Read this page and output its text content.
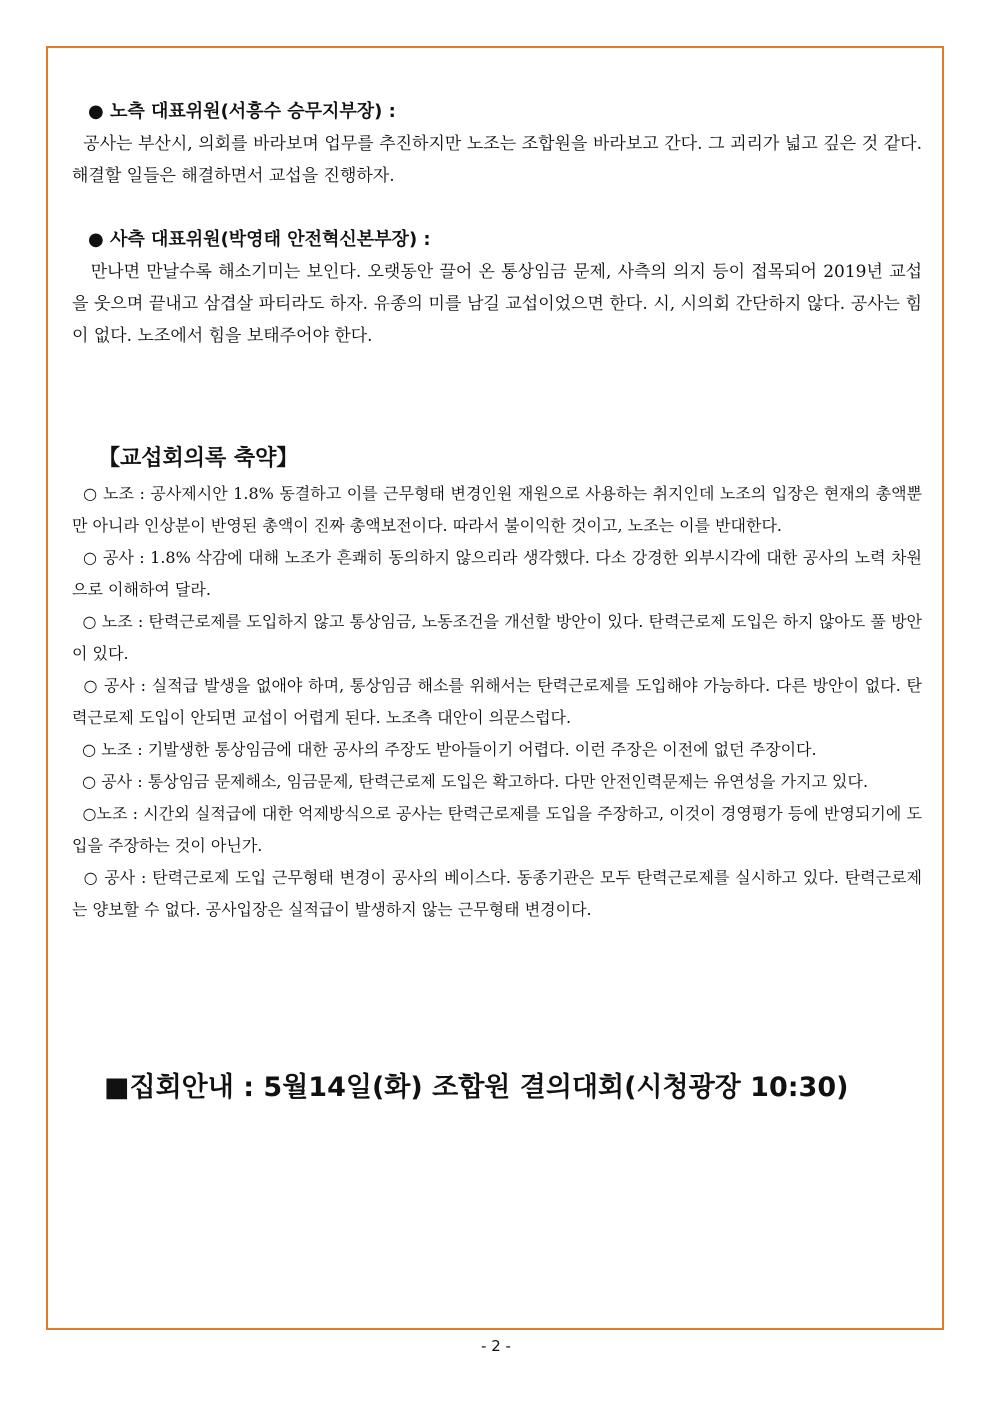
● 노측 대표위원(서흥수 승무지부장) :

공사는 부산시, 의회를 바라보며 업무를 추진하지만 노조는 조합원을 바라보고 간다. 그 괴리가 넓고 깊은 것 같다. 해결할 일들은 해결하면서 교섭을 진행하자.

● 사측 대표위원(박영태 안전혁신본부장) :

만나면 만날수록 해소기미는 보인다. 오랫동안 끌어 온 통상임금 문제, 사측의 의지 등이 접목되어 2019년 교섭을 웃으며 끝내고 삼겹살 파티라도 하자. 유종의 미를 남길 교섭이었으면 한다. 시, 시의회 간단하지 않다. 공사는 힘이 없다. 노조에서 힘을 보태주어야 한다.

【교섭회의록 축약】

○ 노조 : 공사제시안 1.8% 동결하고 이를 근무형태 변경인원 재원으로 사용하는 취지인데 노조의 입장은 현재의 총액뿐만 아니라 인상분이 반영된 총액이 진짜 총액보전이다. 따라서 불이익한 것이고, 노조는 이를 반대한다.

○ 공사 : 1.8% 삭감에 대해 노조가 흔쾌히 동의하지 않으리라 생각했다. 다소 강경한 외부시각에 대한 공사의 노력 차원으로 이해하여 달라.

○ 노조 : 탄력근로제를 도입하지 않고 통상임금, 노동조건을 개선할 방안이 있다. 탄력근로제 도입은 하지 않아도 풀 방안이 있다.

○ 공사 : 실적급 발생을 없애야 하며, 통상임금 해소를 위해서는 탄력근로제를 도입해야 가능하다. 다른 방안이 없다. 탄력근로제 도입이 안되면 교섭이 어렵게 된다. 노조측 대안이 의문스럽다.

○ 노조 : 기발생한 통상임금에 대한 공사의 주장도 받아들이기 어렵다. 이런 주장은 이전에 없던 주장이다.

○ 공사 : 통상임금 문제해소, 임금문제, 탄력근로제 도입은 확고하다. 다만 안전인력문제는 유연성을 가지고 있다.

○노조 : 시간외 실적급에 대한 억제방식으로 공사는 탄력근로제를 도입을 주장하고, 이것이 경영평가 등에 반영되기에 도입을 주장하는 것이 아닌가.

○ 공사 : 탄력근로제 도입 근무형태 변경이 공사의 베이스다. 동종기관은 모두 탄력근로제를 실시하고 있다. 탄력근로제는 양보할 수 없다. 공사입장은 실적급이 발생하지 않는 근무형태 변경이다.

■집회안내 : 5월14일(화) 조합원 결의대회(시청광장 10:30)
- 2 -
